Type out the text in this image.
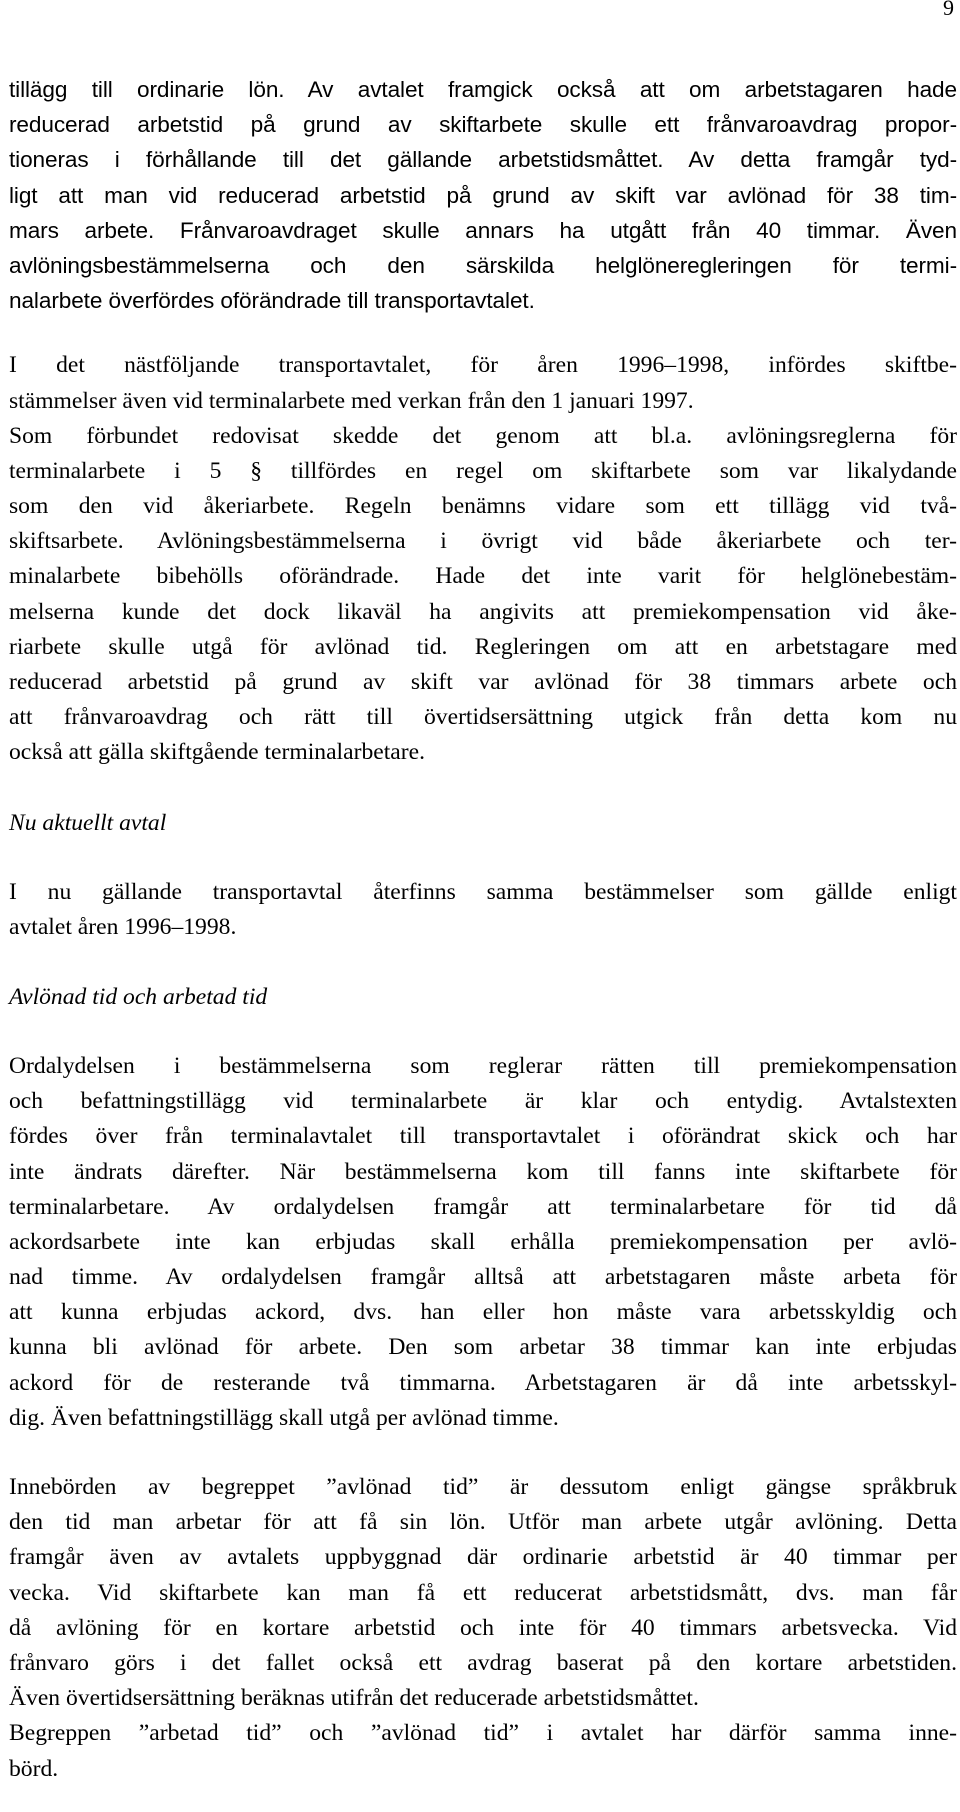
9
tillägg till ordinarie lön. Av avtalet framgick också att om arbetstagaren hade
reducerad arbetstid på grund av skiftarbete skulle ett frånvaroavdrag propor-
tioneras i förhållande till det gällande arbetstidsmåttet. Av detta framgår tyd-
ligt att man vid reducerad arbetstid på grund av skift var avlönad för 38 tim-
mars arbete. Frånvaroavdraget skulle annars ha utgått från 40 timmar. Även
avlöningsbestämmelserna och den särskilda helglöneregleringen för termi-
nalarbete överfördes oförändrade till transportavtalet.
I det nästföljande transportavtalet, för åren 1996–1998, infördes skiftbe-
stämmelser även vid terminalarbete med verkan från den 1 januari 1997.
Som förbundet redovisat skedde det genom att bl.a. avlöningsreglerna för
terminalarbete i 5 § tillfördes en regel om skiftarbete som var likalydande
som den vid åkeriarbete. Regeln benämns vidare som ett tillägg vid två-
skiftsarbete. Avlöningsbestämmelserna i övrigt vid både åkeriarbete och ter-
minalarbete bibehölls oförändrade. Hade det inte varit för helglönebestäm-
melserna kunde det dock likaväl ha angivits att premiekompensation vid åke-
riarbete skulle utgå för avlönad tid. Regleringen om att en arbetstagare med
reducerad arbetstid på grund av skift var avlönad för 38 timmars arbete och
att frånvaroavdrag och rätt till övertidsersättning utgick från detta kom nu
också att gälla skiftgående terminalarbetare.
Nu aktuellt avtal
I nu gällande transportavtal återfinns samma bestämmelser som gällde enligt
avtalet åren 1996–1998.
Avlönad tid och arbetad tid
Ordalydelsen i bestämmelserna som reglerar rätten till premiekompensation
och befattningstillägg vid terminalarbete är klar och entydig. Avtalstexten
fördes över från terminalavtalet till transportavtalet i oförändrat skick och har
inte ändrats därefter. När bestämmelserna kom till fanns inte skiftarbete för
terminalarbetare. Av ordalydelsen framgår att terminalarbetare för tid då
ackordsarbete inte kan erbjudas skall erhålla premiekompensation per avlö-
nad timme. Av ordalydelsen framgår alltså att arbetstagaren måste arbeta för
att kunna erbjudas ackord, dvs. han eller hon måste vara arbetsskyldig och
kunna bli avlönad för arbete. Den som arbetar 38 timmar kan inte erbjudas
ackord för de resterande två timmarna. Arbetstagaren är då inte arbetsskyl-
dig. Även befattningstillägg skall utgå per avlönad timme.
Innebörden av begreppet ”avlönad tid” är dessutom enligt gängse språkbruk
den tid man arbetar för att få sin lön. Utför man arbete utgår avlöning. Detta
framgår även av avtalets uppbyggnad där ordinarie arbetstid är 40 timmar per
vecka. Vid skiftarbete kan man få ett reducerat arbetstidsmått, dvs. man får
då avlöning för en kortare arbetstid och inte för 40 timmars arbetsvecka. Vid
frånvaro görs i det fallet också ett avdrag baserat på den kortare arbetstiden.
Även övertidsersättning beräknas utifrån det reducerade arbetstidsmåttet.
Begreppen ”arbetad tid” och ”avlönad tid” i avtalet har därför samma inne-
börd.
